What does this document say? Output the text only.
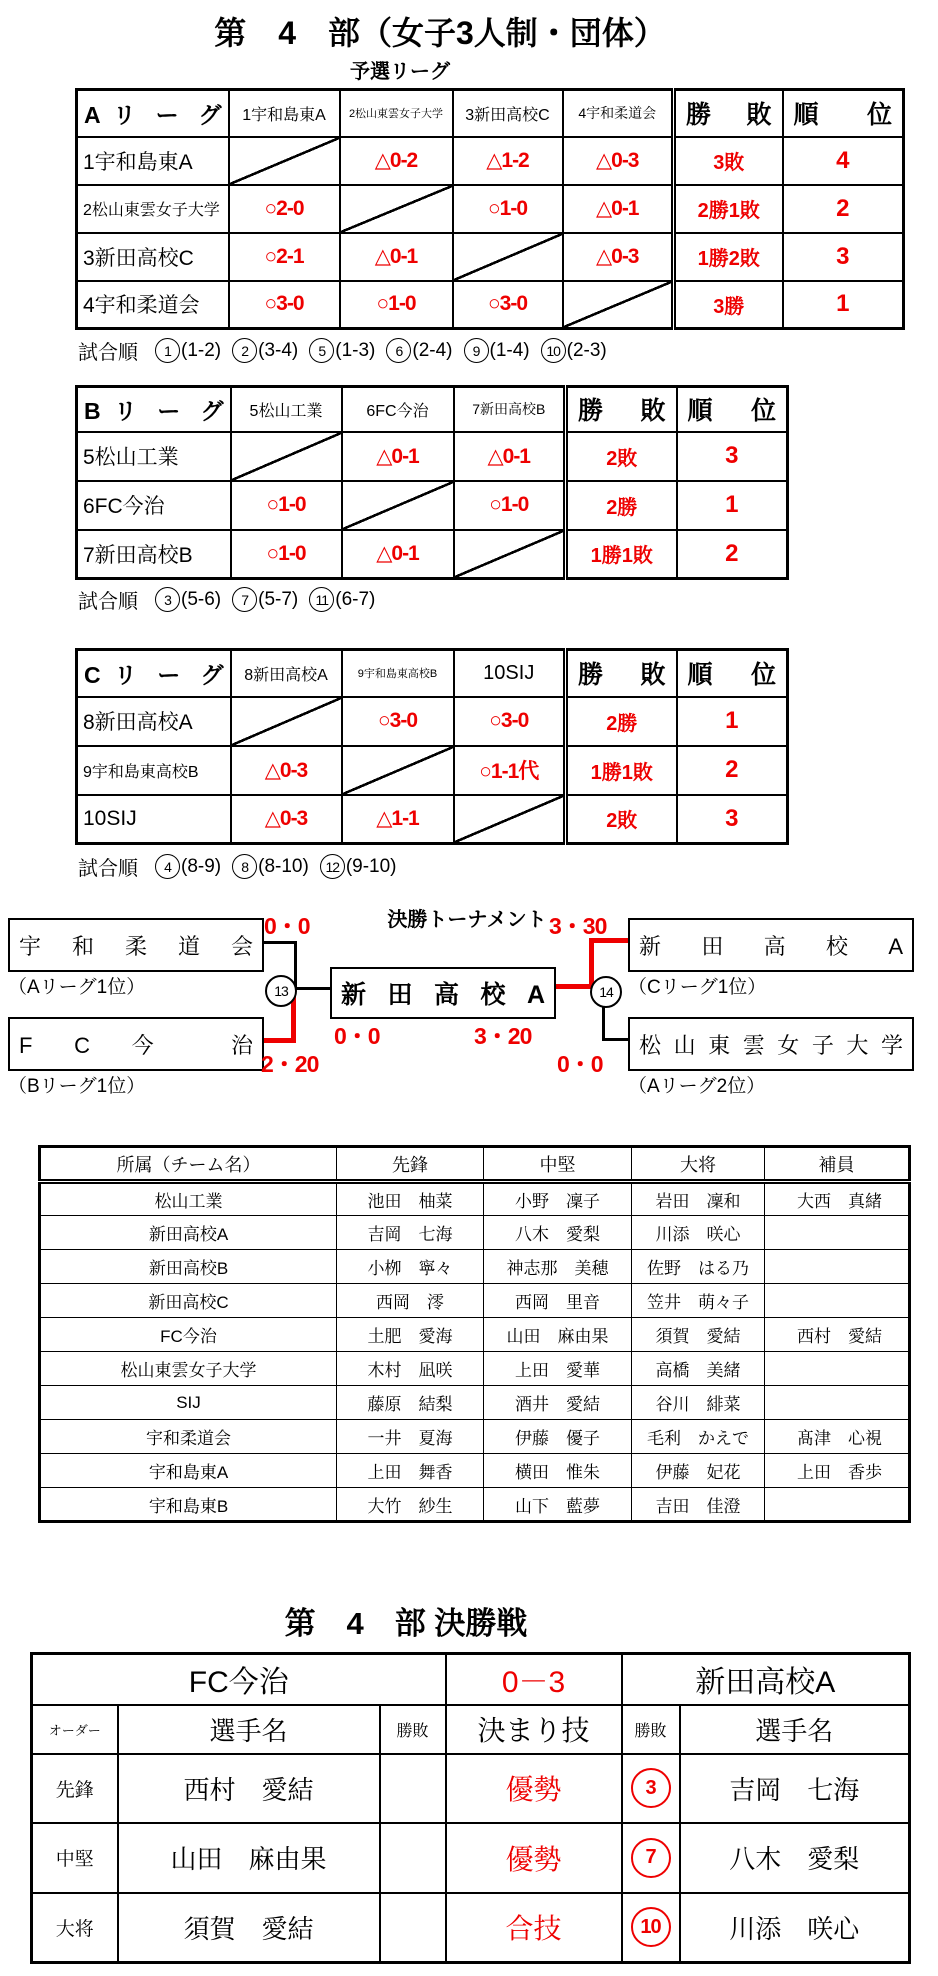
第　4　部（女子3人制・団体）
予選リーグ
A リ ー グ	1宇和島東A	2松山東雲女子大学	3新田高校C	4宇和柔道会	勝 敗	順 位
1宇和島東A		△0-2	△1-2	△0-3	3敗	4
2松山東雲女子大学	○2-0		○1-0	△0-1	2勝1敗	2
3新田高校C	○2-1	△0-1		△0-3	1勝2敗	3
4宇和柔道会	○3-0	○1-0	○3-0		3勝	1
試合順	1 (1-2)	2 (3-4)	5 (1-3)	6 (2-4)	9 (1-4)	10 (2-3)
B リ ー グ	5松山工業	6FC今治	7新田高校B	勝 敗	順 位
5松山工業		△0-1	△0-1	2敗	3
6FC今治	○1-0		○1-0	2勝	1
7新田高校B	○1-0	△0-1		1勝1敗	2
試合順	3 (5-6)	7 (5-7)	11 (6-7)
C リ ー グ	8新田高校A	9宇和島東高校B	10SIJ	勝 敗	順 位
8新田高校A		○3-0	○3-0	2勝	1
9宇和島東高校B	△0-3		○1-1代	1勝1敗	2
10SIJ	△0-3	△1-1		2敗	3
試合順	4 (8-9)	8 (8-10)	12 (9-10)
決勝トーナメント
13	14
宇 和 柔 道 会
（Aリーグ1位）
0・0
F C 今 治
（Bリーグ1位）
2・20
新 田 高 校 A
0・0	3・20
新 田 高 校 A
（Cリーグ1位）
3・30
松山東雲女子大学
（Aリーグ2位）
0・0
所属（チーム名）	先鋒	中堅	大将	補員
松山工業	池田　柚菜	小野　凜子	岩田　凜和	大西　真緒
新田高校A	吉岡　七海	八木　愛梨	川添　咲心	
新田高校B	小栁　寧々	神志那　美穂	佐野　はる乃	
新田高校C	西岡　澪	西岡　里音	笠井　萌々子	
FC今治	土肥　愛海	山田　麻由果	須賀　愛結	西村　愛結
松山東雲女子大学	木村　凪咲	上田　愛華	高橋　美緒	
SIJ	藤原　結梨	酒井　愛結	谷川　緋菜	
宇和柔道会	一井　夏海	伊藤　優子	毛利　かえで	髙津　心視
宇和島東A	上田　舞香	横田　惟朱	伊藤　妃花	上田　香歩
宇和島東B	大竹　紗生	山下　藍夢	吉田　佳澄	
第　4　部 決勝戦
FC今治			0－3	新田高校A	
オーダー	選手名	勝敗	決まり技	勝敗	選手名
先鋒	西村　愛結		優勢	3	吉岡　七海
中堅	山田　麻由果		優勢	7	八木　愛梨
大将	須賀　愛結		合技	10	川添　咲心
